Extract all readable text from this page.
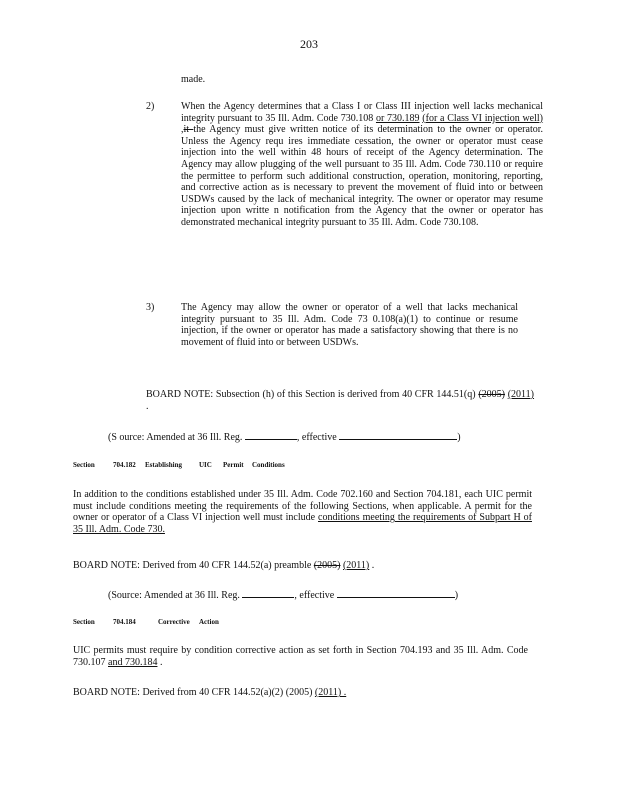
203
made.
2)	When the Agency determines that a Class I or Class III injection well lacks mechanical integrity pursuant to 35 Ill. Adm. Code 730.108 or 730.189 (for a Class VI injection well) ,it the Agency must give written notice of its determination to the owner or operator. Unless the Agency requ ires immediate cessation, the owner or operator must cease injection into the well within 48 hours of receipt of the Agency determination. The Agency may allow plugging of the well pursuant to 35 Ill. Adm. Code 730.110 or require the permittee to perform such additional construction, operation, monitoring, reporting, and corrective action as is necessary to prevent the movement of fluid into or between USDWs caused by the lack of mechanical integrity. The owner or operator may resume injection upon writte n notification from the Agency that the owner or operator has demonstrated mechanical integrity pursuant to 35 Ill. Adm. Code 730.108.
3)	The Agency may allow the owner or operator of a well that lacks mechanical integrity pursuant to 35 Ill. Adm. Code 73 0.108(a)(1) to continue or resume injection, if the owner or operator has made a satisfactory showing that there is no movement of fluid into or between USDWs.
BOARD NOTE: Subsection (h) of this Section is derived from 40 CFR 144.51(q) (2005) (2011) .
(S ource: Amended at 36 Ill. Reg.	, effective	)
Section	704.182 Establishing UIC Permit Conditions
In addition to the conditions established under 35 Ill. Adm. Code 702.160 and Section 704.181, each UIC permit must include conditions meeting the requirements of the following Sections, when applicable. A permit for the owner or operator of a Class VI injection well must include conditions meeting the requirements of Subpart H of 35 Ill. Adm. Code 730.
BOARD NOTE: Derived from 40 CFR 144.52(a) preamble (2005) (2011) .
(Source: Amended at 36 Ill. Reg.	, effective	)
Section	704.184	Corrective Action
UIC permits must require by condition corrective action as set forth in Section 704.193 and 35 Ill. Adm. Code 730.107 and 730.184 .
BOARD NOTE: Derived from 40 CFR 144.52(a)(2) (2005) (2011) .
